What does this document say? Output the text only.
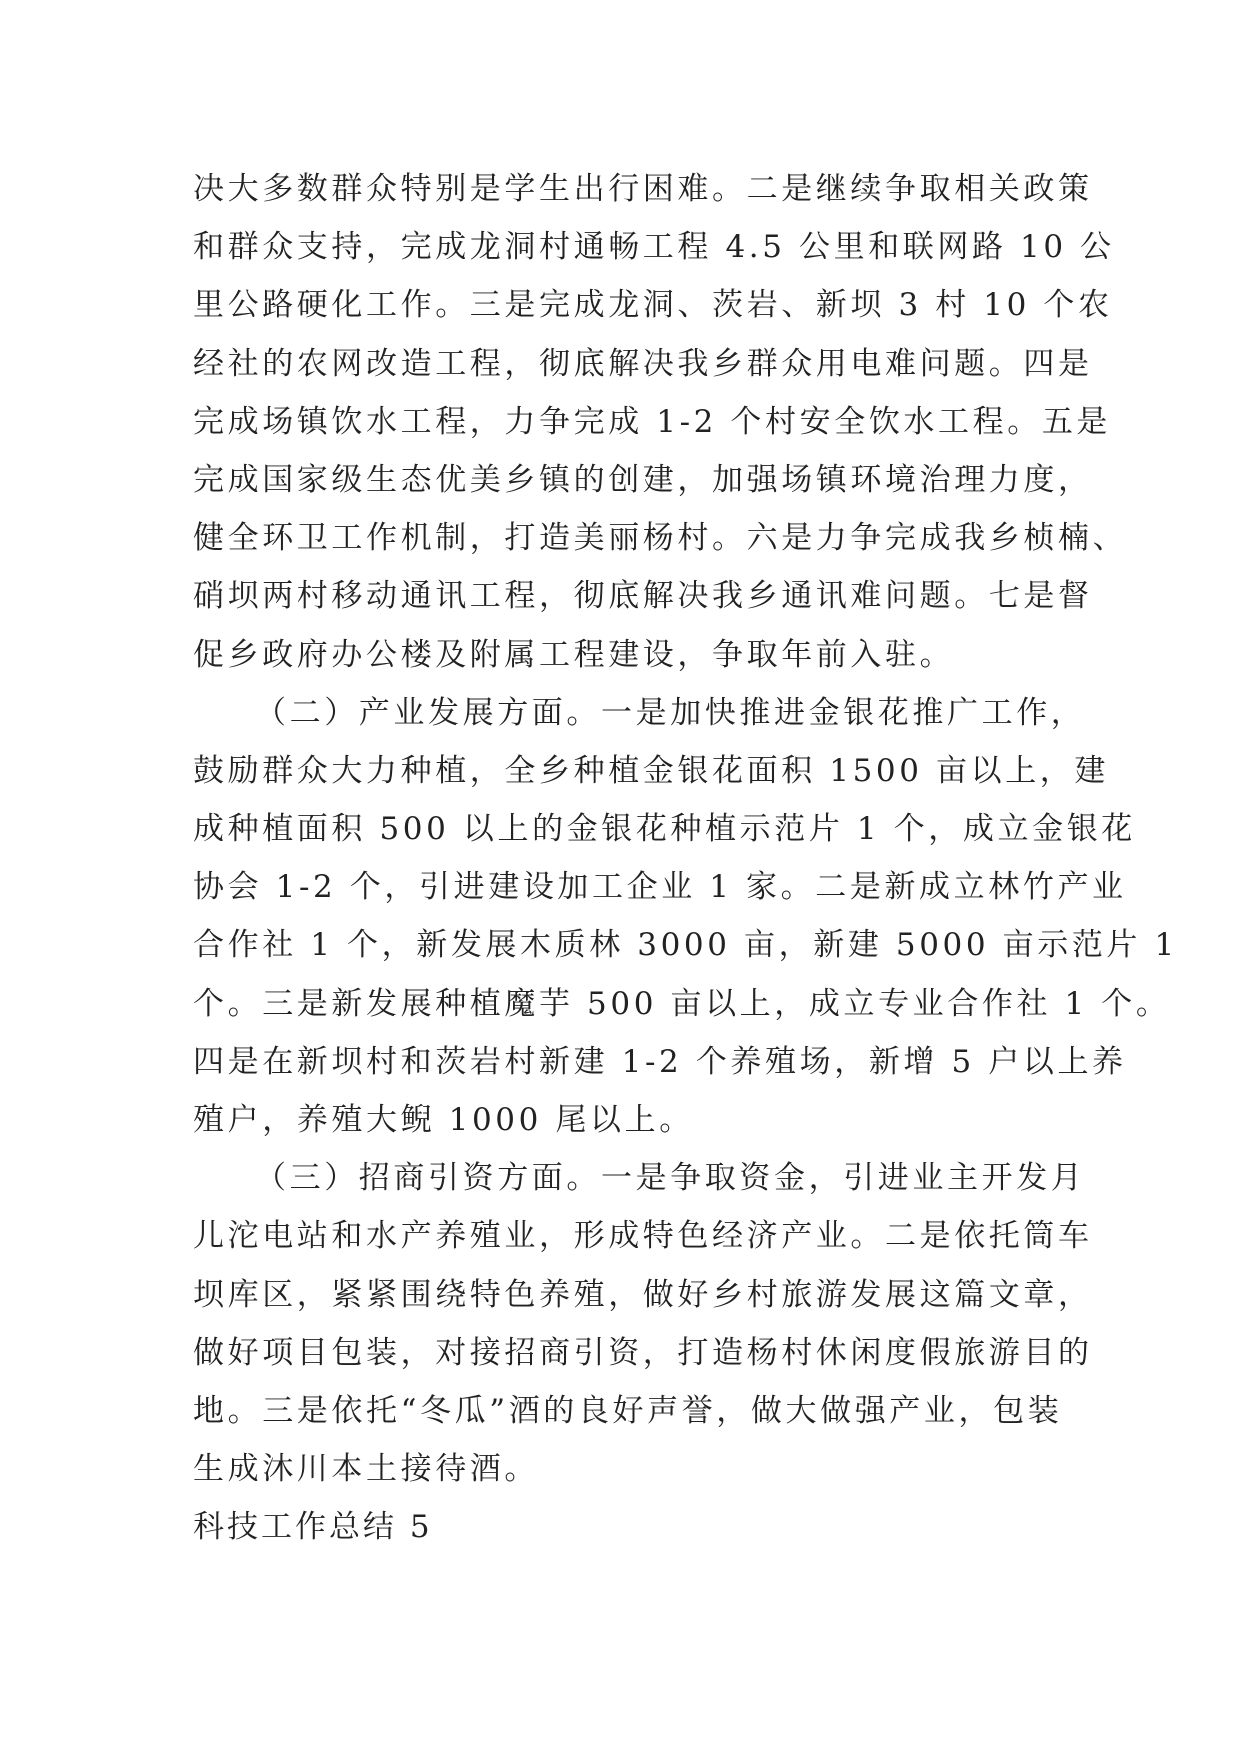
决大多数群众特别是学生出行困难。二是继续争取相关政策
和群众支持，完成龙洞村通畅工程 4.5 公里和联网路 10 公
里公路硬化工作。三是完成龙洞、茨岩、新坝 3 村 10 个农
经社的农网改造工程，彻底解决我乡群众用电难问题。四是
完成场镇饮水工程，力争完成 1-2 个村安全饮水工程。五是
完成国家级生态优美乡镇的创建，加强场镇环境治理力度，
健全环卫工作机制，打造美丽杨村。六是力争完成我乡桢楠、
硝坝两村移动通讯工程，彻底解决我乡通讯难问题。七是督
促乡政府办公楼及附属工程建设，争取年前入驻。
（二）产业发展方面。一是加快推进金银花推广工作，
鼓励群众大力种植，全乡种植金银花面积 1500 亩以上，建
成种植面积 500 以上的金银花种植示范片 1 个，成立金银花
协会 1-2 个，引进建设加工企业 1 家。二是新成立林竹产业
合作社 1 个，新发展木质林 3000 亩，新建 5000 亩示范片 1
个。三是新发展种植魔芋 500 亩以上，成立专业合作社 1 个。
四是在新坝村和茨岩村新建 1-2 个养殖场，新增 5 户以上养
殖户，养殖大鲵 1000 尾以上。
（三）招商引资方面。一是争取资金，引进业主开发月
儿沱电站和水产养殖业，形成特色经济产业。二是依托筒车
坝库区，紧紧围绕特色养殖，做好乡村旅游发展这篇文章，
做好项目包装，对接招商引资，打造杨村休闲度假旅游目的
地。三是依托“冬瓜”酒的良好声誉，做大做强产业，包装
生成沐川本土接待酒。
科技工作总结 5
